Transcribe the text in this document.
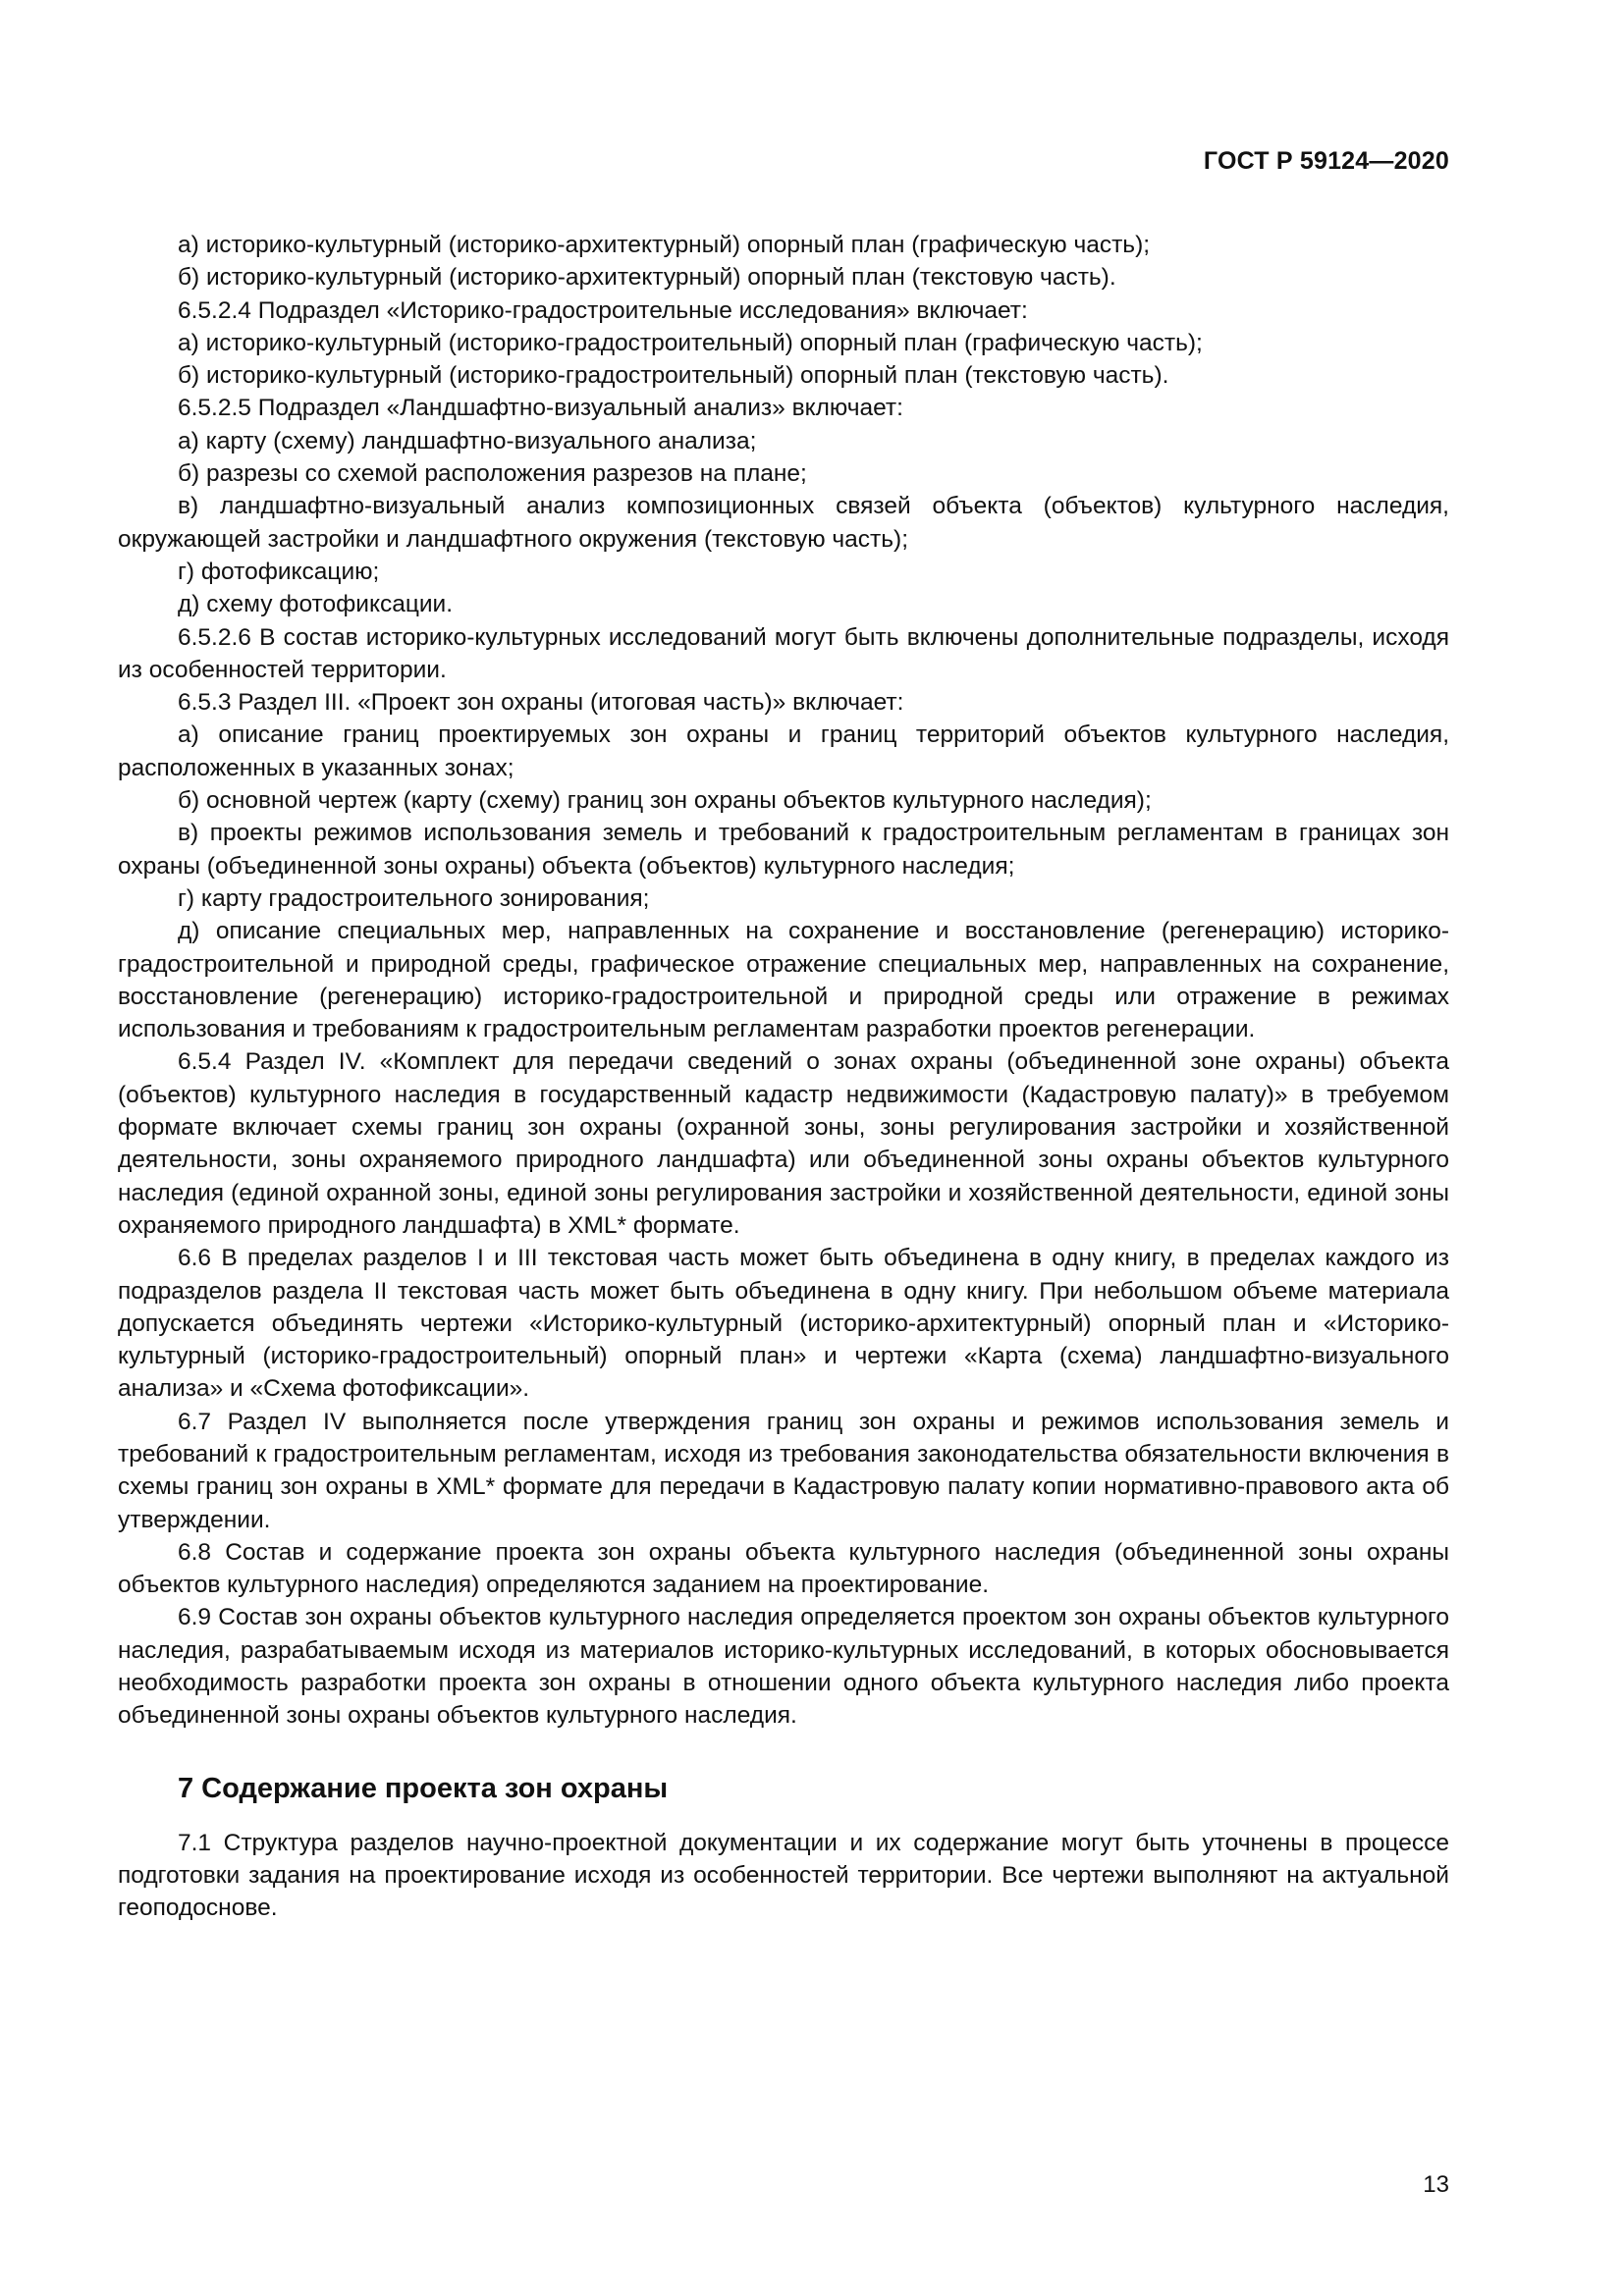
ГОСТ Р 59124—2020

а) историко-культурный (историко-архитектурный) опорный план (графическую часть);

б) историко-культурный (историко-архитектурный) опорный план (текстовую часть).

6.5.2.4 Подраздел «Историко-градостроительные исследования» включает:

а) историко-культурный (историко-градостроительный) опорный план (графическую часть);

б) историко-культурный (историко-градостроительный) опорный план (текстовую часть).

6.5.2.5 Подраздел «Ландшафтно-визуальный анализ» включает:

а) карту (схему) ландшафтно-визуального анализа;

б) разрезы со схемой расположения разрезов на плане;

в) ландшафтно-визуальный анализ композиционных связей объекта (объектов) культурного наследия, окружающей застройки и ландшафтного окружения (текстовую часть);

г) фотофиксацию;

д) схему фотофиксации.

6.5.2.6 В состав историко-культурных исследований могут быть включены дополнительные подразделы, исходя из особенностей территории.

6.5.3 Раздел III. «Проект зон охраны (итоговая часть)» включает:

а) описание границ проектируемых зон охраны и границ территорий объектов культурного наследия, расположенных в указанных зонах;

б) основной чертеж (карту (схему) границ зон охраны объектов культурного наследия);

в) проекты режимов использования земель и требований к градостроительным регламентам в границах зон охраны (объединенной зоны охраны) объекта (объектов) культурного наследия;

г) карту градостроительного зонирования;

д) описание специальных мер, направленных на сохранение и восстановление (регенерацию) историко-градостроительной и природной среды, графическое отражение специальных мер, направленных на сохранение, восстановление (регенерацию) историко-градостроительной и природной среды или отражение в режимах использования и требованиям к градостроительным регламентам разработки проектов регенерации.

6.5.4 Раздел IV. «Комплект для передачи сведений о зонах охраны (объединенной зоне охраны) объекта (объектов) культурного наследия в государственный кадастр недвижимости (Кадастровую палату)» в требуемом формате включает схемы границ зон охраны (охранной зоны, зоны регулирования застройки и хозяйственной деятельности, зоны охраняемого природного ландшафта) или объединенной зоны охраны объектов культурного наследия (единой охранной зоны, единой зоны регулирования застройки и хозяйственной деятельности, единой зоны охраняемого природного ландшафта) в XML* формате.

6.6 В пределах разделов I и III текстовая часть может быть объединена в одну книгу, в пределах каждого из подразделов раздела II текстовая часть может быть объединена в одну книгу. При небольшом объеме материала допускается объединять чертежи «Историко-культурный (историко-архитектурный) опорный план и «Историко-культурный (историко-градостроительный) опорный план» и чертежи «Карта (схема) ландшафтно-визуального анализа» и «Схема фотофиксации».

6.7 Раздел IV выполняется после утверждения границ зон охраны и режимов использования земель и требований к градостроительным регламентам, исходя из требования законодательства обязательности включения в схемы границ зон охраны в XML* формате для передачи в Кадастровую палату копии нормативно-правового акта об утверждении.

6.8 Состав и содержание проекта зон охраны объекта культурного наследия (объединенной зоны охраны объектов культурного наследия) определяются заданием на проектирование.

6.9 Состав зон охраны объектов культурного наследия определяется проектом зон охраны объектов культурного наследия, разрабатываемым исходя из материалов историко-культурных исследований, в которых обосновывается необходимость разработки проекта зон охраны в отношении одного объекта культурного наследия либо проекта объединенной зоны охраны объектов культурного наследия.

7 Содержание проекта зон охраны

7.1 Структура разделов научно-проектной документации и их содержание могут быть уточнены в процессе подготовки задания на проектирование исходя из особенностей территории. Все чертежи выполняют на актуальной геоподоснове.

13
